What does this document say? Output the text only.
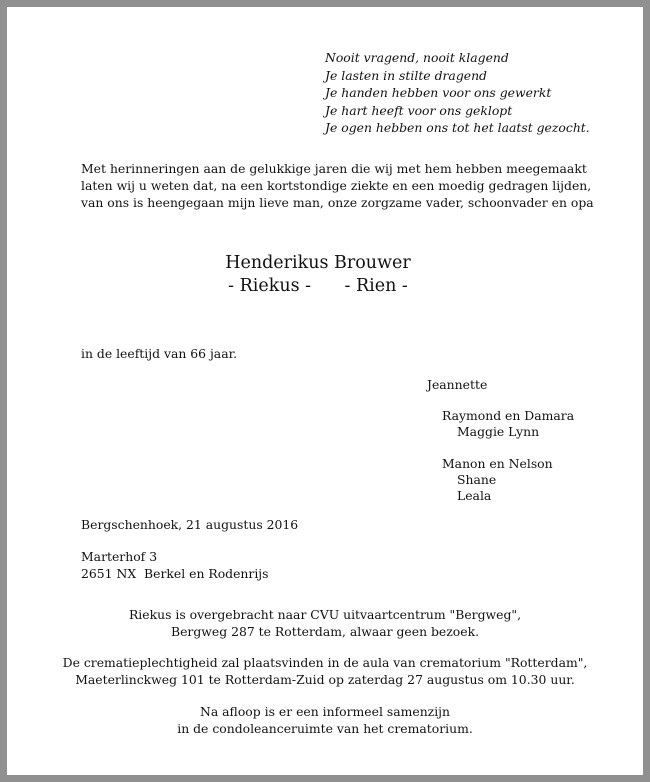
Nooit vragend, nooit klagend
Je lasten in stilte dragend
Je handen hebben voor ons gewerkt
Je hart heeft voor ons geklopt
Je ogen hebben ons tot het laatst gezocht.
Met herinneringen aan de gelukkige jaren die wij met hem hebben meegemaakt
laten wij u weten dat, na een kortstondige ziekte en een moedig gedragen lijden,
van ons is heengegaan mijn lieve man, onze zorgzame vader, schoonvader en opa
Henderikus Brouwer
- Riekus -      - Rien -
in de leeftijd van 66 jaar.
Jeannette
Raymond en Damara
Maggie Lynn
Manon en Nelson
Shane
Leala
Bergschenhoek, 21 augustus 2016
Marterhof 3
2651 NX  Berkel en Rodenrijs
Riekus is overgebracht naar CVU uitvaartcentrum "Bergweg",
Bergweg 287 te Rotterdam, alwaar geen bezoek.
De crematieplechtigheid zal plaatsvinden in de aula van crematorium "Rotterdam",
Maeterlinckweg 101 te Rotterdam-Zuid op zaterdag 27 augustus om 10.30 uur.
Na afloop is er een informeel samenzijn
in de condoleanceruimte van het crematorium.
